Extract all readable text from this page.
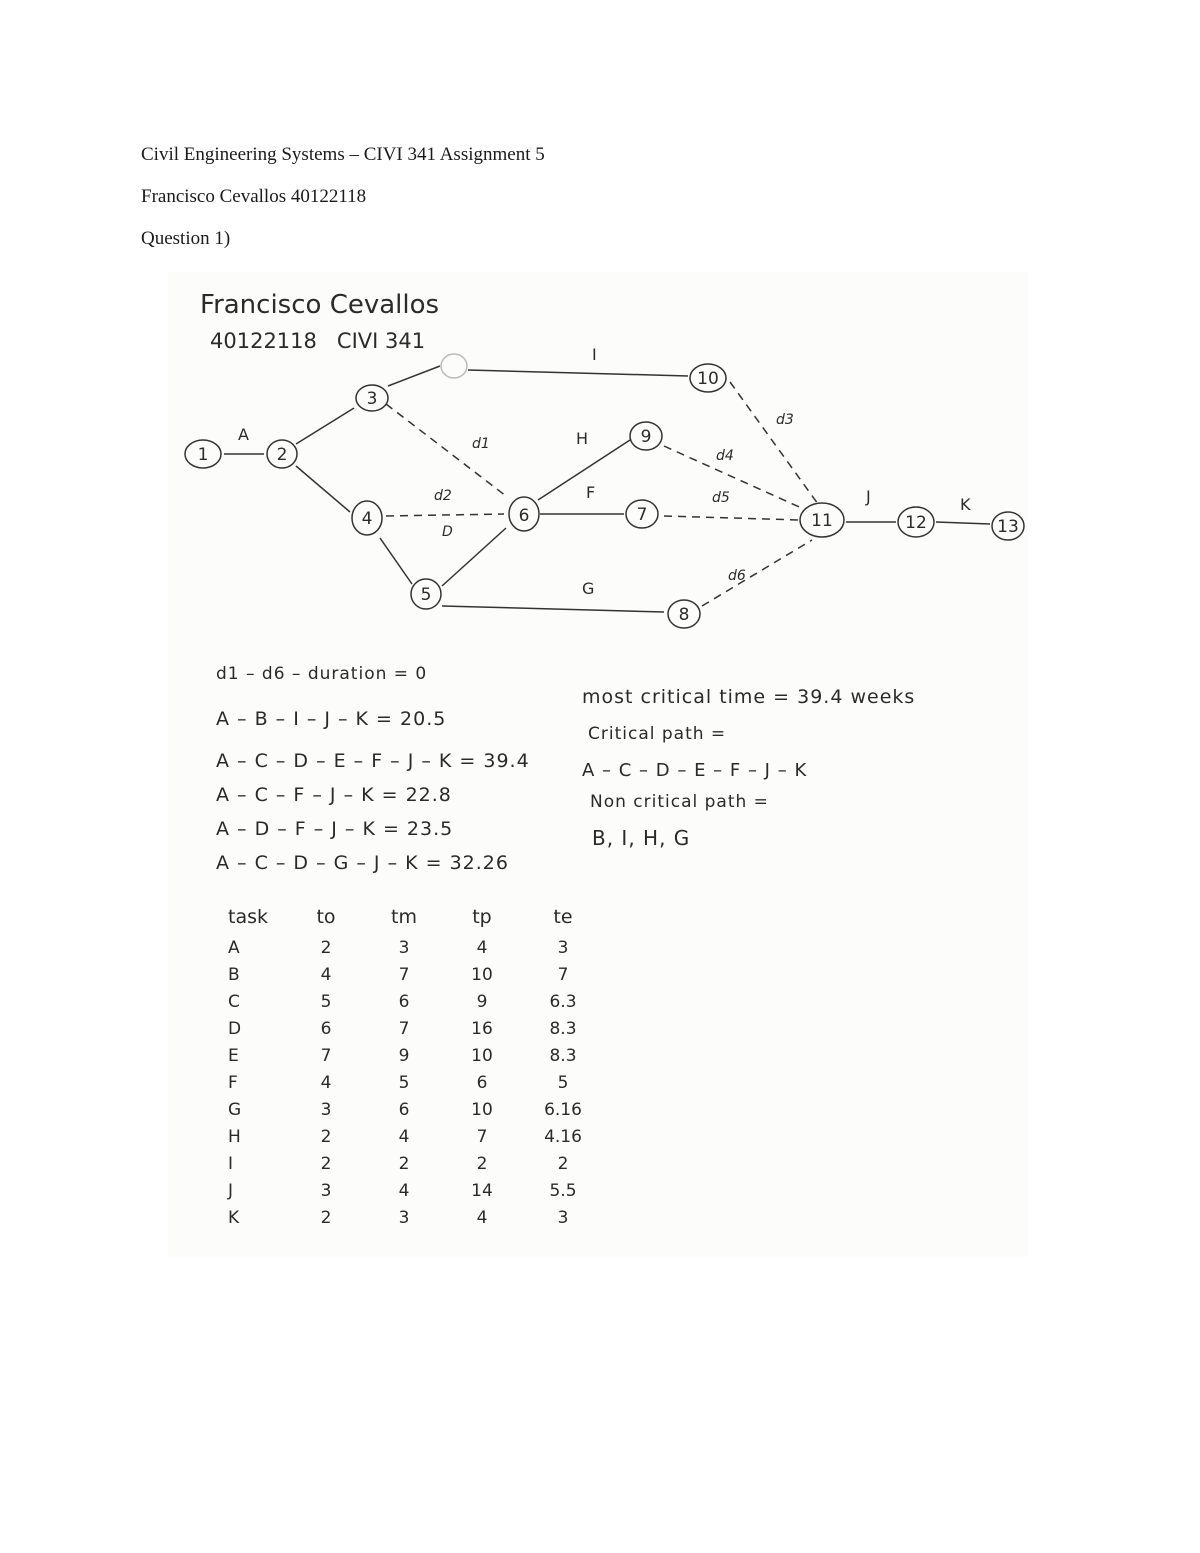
Civil Engineering Systems – CIVI 341 Assignment 5
Francisco Cevallos 40122118
Question 1)
Francisco Cevallos
40122118   CIVI 341
1	2
3
4
5
6	7
8
9
10
11	12	13
A
I
H
F
G
J	K
d1
d2
D
d3
d4
d5
d6
d1 – d6 – duration = 0
A – B – I – J – K = 20.5
A – C – D – E – F – J – K = 39.4
A – C – F – J – K = 22.8
A – D – F – J – K = 23.5
A – C – D – G – J – K = 32.26
most critical time = 39.4 weeks
Critical path =
A – C – D – E – F – J – K
Non critical path =
B, I, H, G
task	to	tm	tp	te
A	2	3	4	3
B	4	7	10	7
C	5	6	9	6.3
D	6	7	16	8.3
E	7	9	10	8.3
F	4	5	6	5
G	3	6	10	6.16
H	2	4	7	4.16
I	2	2	2	2
J	3	4	14	5.5
K	2	3	4	3
